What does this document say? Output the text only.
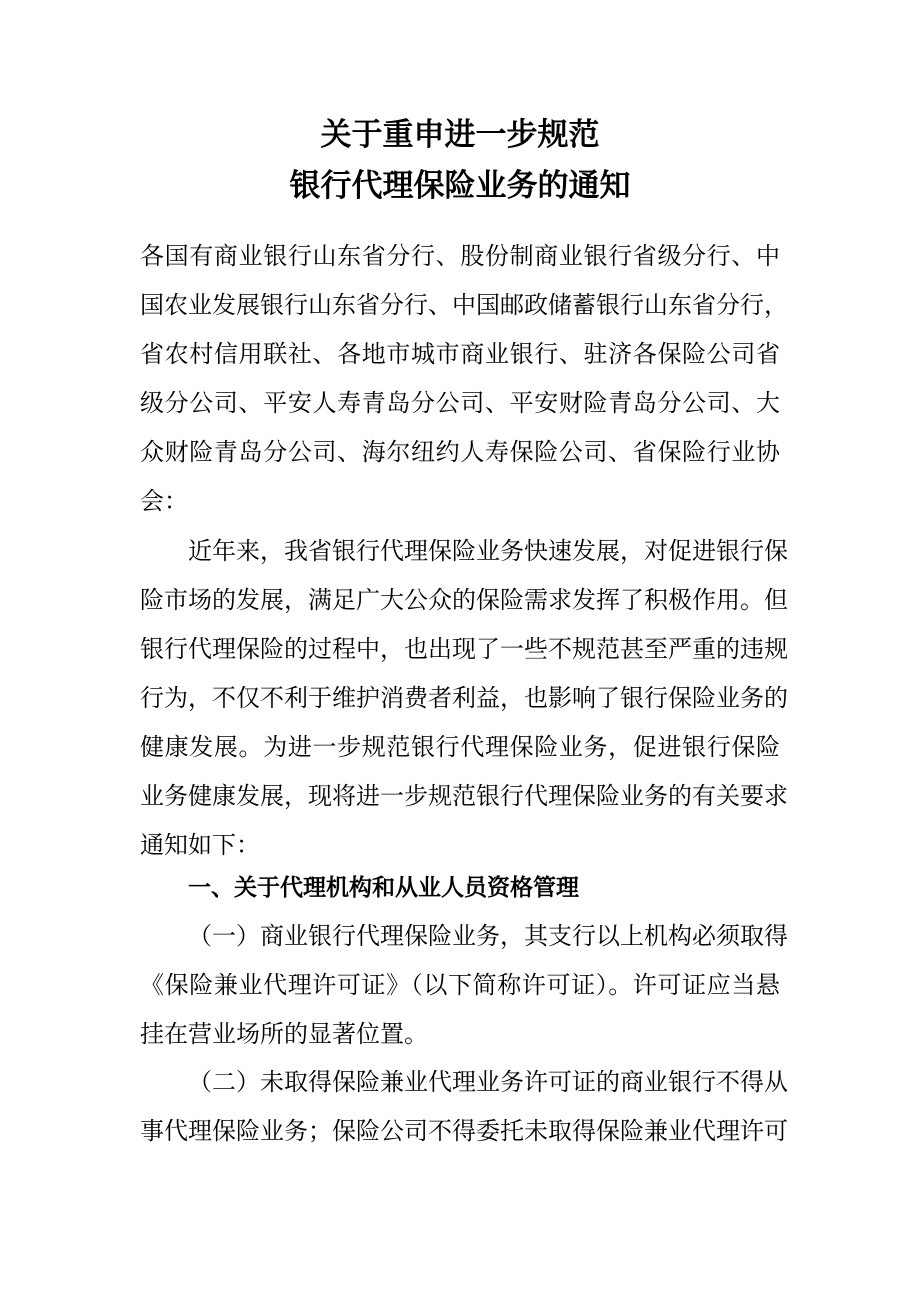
关于重申进一步规范
银行代理保险业务的通知
各国有商业银行山东省分行、股份制商业银行省级分行、中
国农业发展银行山东省分行、中国邮政储蓄银行山东省分行，
省农村信用联社、各地市城市商业银行、驻济各保险公司省
级分公司、平安人寿青岛分公司、平安财险青岛分公司、大
众财险青岛分公司、海尔纽约人寿保险公司、省保险行业协
会：
近年来，我省银行代理保险业务快速发展，对促进银行保
险市场的发展，满足广大公众的保险需求发挥了积极作用。但
银行代理保险的过程中，也出现了一些不规范甚至严重的违规
行为，不仅不利于维护消费者利益，也影响了银行保险业务的
健康发展。为进一步规范银行代理保险业务，促进银行保险
业务健康发展，现将进一步规范银行代理保险业务的有关要求
通知如下：
一、关于代理机构和从业人员资格管理
（一）商业银行代理保险业务，其支行以上机构必须取得
《保险兼业代理许可证》（以下简称许可证）。许可证应当悬
挂在营业场所的显著位置。
（二）未取得保险兼业代理业务许可证的商业银行不得从
事代理保险业务；保险公司不得委托未取得保险兼业代理许可
